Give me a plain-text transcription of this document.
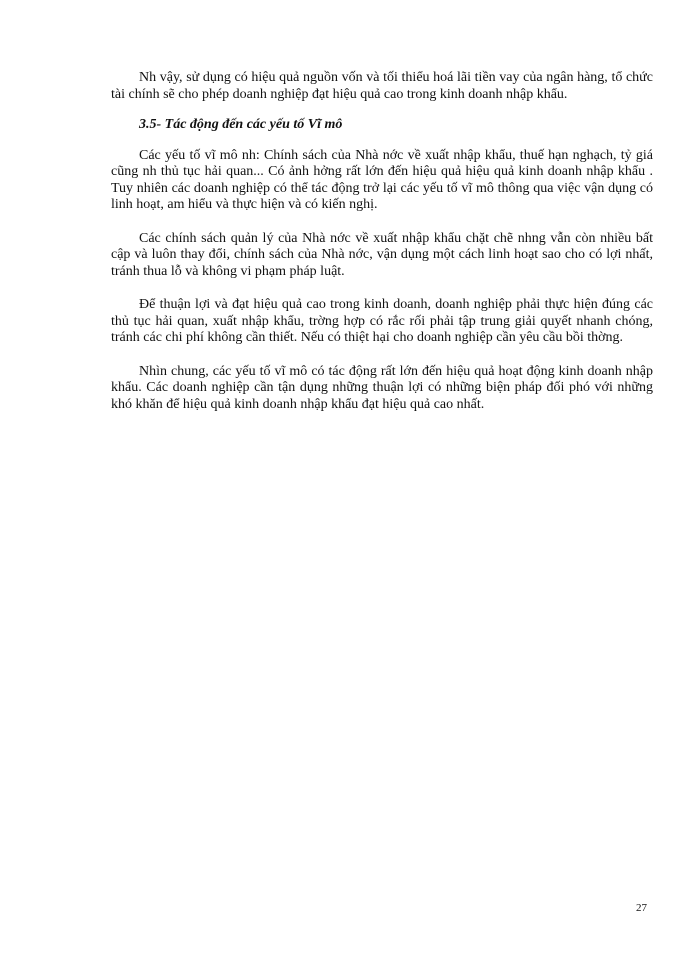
Nh vậy, sử dụng có hiệu quả nguồn vốn và tối thiểu hoá lãi tiền vay của ngân hàng, tổ chức tài chính sẽ cho phép doanh nghiệp đạt hiệu quả cao trong kinh doanh nhập khẩu.

3.5- Tác động đến các yếu tố Vĩ mô

Các yếu tố vĩ mô nh: Chính sách của Nhà nớc về xuất nhập khẩu, thuế hạn nghạch, tỷ giá cũng nh thủ tục hải quan... Có ảnh hởng rất lớn đến hiệu quả hiệu quả kinh doanh nhập khẩu . Tuy nhiên các doanh nghiệp có thể tác động trở lại các yếu tố vĩ mô thông qua việc vận dụng có linh hoạt, am hiểu và thực hiện và có kiến nghị.

Các chính sách quản lý của Nhà nớc về xuất nhập khẩu chặt chẽ nhng vẫn còn nhiều bất cập và luôn thay đổi, chính sách của Nhà nớc, vận dụng một cách linh hoạt sao cho có lợi nhất, tránh thua lỗ và không vi phạm pháp luật.

Để thuận lợi và đạt hiệu quả cao trong kinh doanh, doanh nghiệp phải thực hiện đúng các thủ tục hải quan, xuất nhập khẩu, trờng hợp có rắc rối phải tập trung giải quyết nhanh chóng, tránh các chi phí không cần thiết. Nếu có thiệt hại cho doanh nghiệp cần yêu cầu bồi thờng.

Nhìn chung, các yếu tố vĩ mô có tác động rất lớn đến hiệu quả hoạt động kinh doanh nhập khẩu. Các doanh nghiệp cần tận dụng những thuận lợi có những biện pháp đối phó với những khó khăn để hiệu quả kinh doanh nhập khẩu đạt hiệu quả cao nhất.

27
